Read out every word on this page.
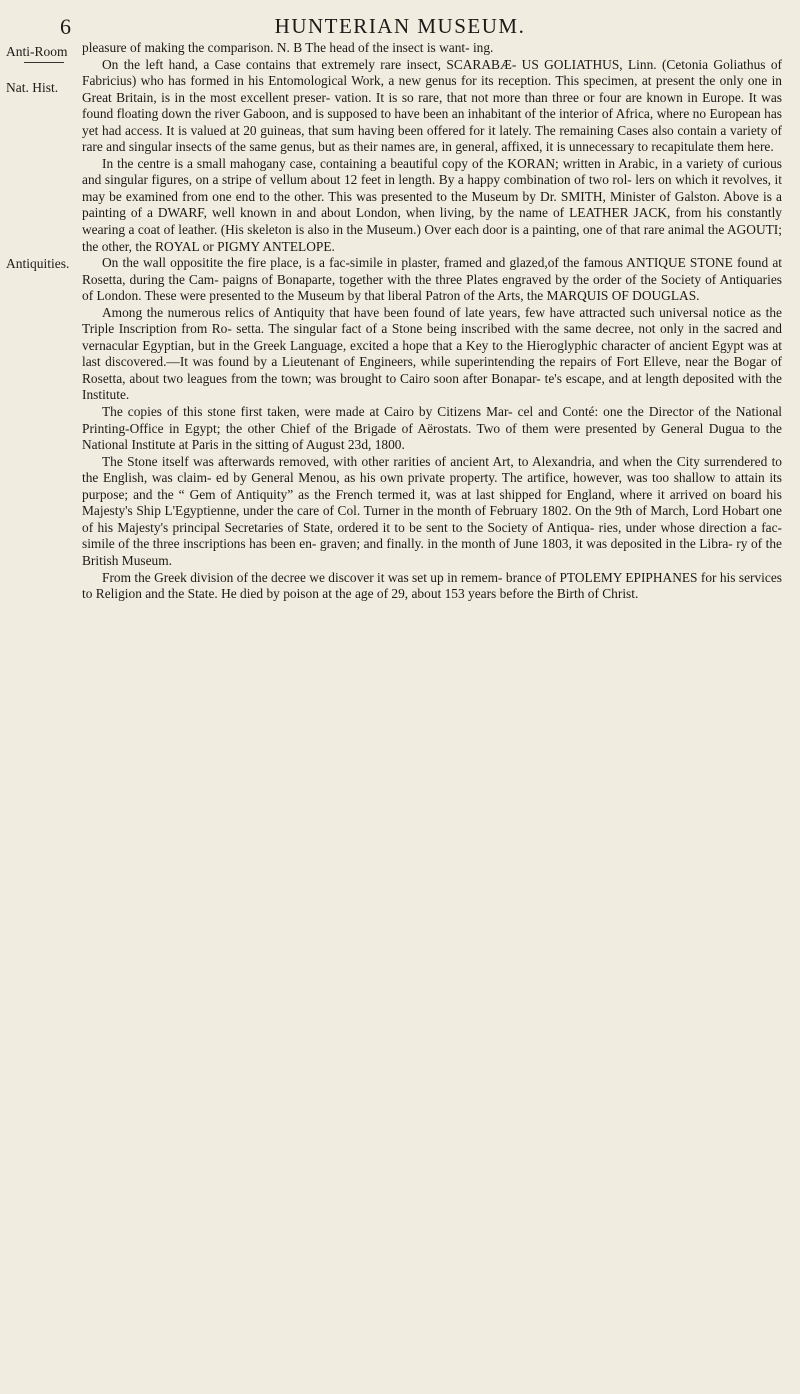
6	HUNTERIAN MUSEUM.
Anti-Room
Nat. Hist.
Antiquities.

pleasure of making the comparison. N. B The head of the insect is want- ing.

On the left hand, a Case contains that extremely rare insect, SCARABÆ- US GOLIATHUS, Linn. (Cetonia Goliathus of Fabricius) who has formed in his Entomological Work, a new genus for its reception. This specimen, at present the only one in Great Britain, is in the most excellent preser- vation. It is so rare, that not more than three or four are known in Europe. It was found floating down the river Gaboon, and is supposed to have been an inhabitant of the interior of Africa, where no European has yet had access. It is valued at 20 guineas, that sum having been offered for it lately. The remaining Cases also contain a variety of rare and singular insects of the same genus, but as their names are, in general, affixed, it is unnecessary to recapitulate them here.

In the centre is a small mahogany case, containing a beautiful copy of the KORAN; written in Arabic, in a variety of curious and singular figures, on a stripe of vellum about 12 feet in length. By a happy combination of two rol- lers on which it revolves, it may be examined from one end to the other. This was presented to the Museum by Dr. SMITH, Minister of Galston. Above is a painting of a DWARF, well known in and about London, when living, by the name of LEATHER JACK, from his constantly wearing a coat of leather. (His skeleton is also in the Museum.) Over each door is a painting, one of that rare animal the AGOUTI; the other, the ROYAL or PIGMY ANTELOPE.

On the wall oppositite the fire place, is a fac-simile in plaster, framed and glazed,of the famous ANTIQUE STONE found at Rosetta, during the Cam- paigns of Bonaparte, together with the three Plates engraved by the order of the Society of Antiquaries of London. These were presented to the Museum by that liberal Patron of the Arts, the MARQUIS OF DOUGLAS.

Among the numerous relics of Antiquity that have been found of late years, few have attracted such universal notice as the Triple Inscription from Ro- setta. The singular fact of a Stone being inscribed with the same decree, not only in the sacred and vernacular Egyptian, but in the Greek Language, excited a hope that a Key to the Hieroglyphic character of ancient Egypt was at last discovered.—It was found by a Lieutenant of Engineers, while superintending the repairs of Fort Elleve, near the Bogar of Rosetta, about two leagues from the town; was brought to Cairo soon after Bonapar- te's escape, and at length deposited with the Institute.

The copies of this stone first taken, were made at Cairo by Citizens Mar- cel and Conté: one the Director of the National Printing-Office in Egypt; the other Chief of the Brigade of Aërostats. Two of them were presented by General Dugua to the National Institute at Paris in the sitting of August 23d, 1800.

The Stone itself was afterwards removed, with other rarities of ancient Art, to Alexandria, and when the City surrendered to the English, was claim- ed by General Menou, as his own private property. The artifice, however, was too shallow to attain its purpose; and the “ Gem of Antiquity” as the French termed it, was at last shipped for England, where it arrived on board his Majesty's Ship L'Egyptienne, under the care of Col. Turner in the month of February 1802. On the 9th of March, Lord Hobart one of his Majesty's principal Secretaries of State, ordered it to be sent to the Society of Antiqua- ries, under whose direction a fac-simile of the three inscriptions has been en- graven; and finally. in the month of June 1803, it was deposited in the Libra- ry of the British Museum.

From the Greek division of the decree we discover it was set up in remem- brance of PTOLEMY EPIPHANES for his services to Religion and the State. He died by poison at the age of 29, about 153 years before the Birth of Christ.
